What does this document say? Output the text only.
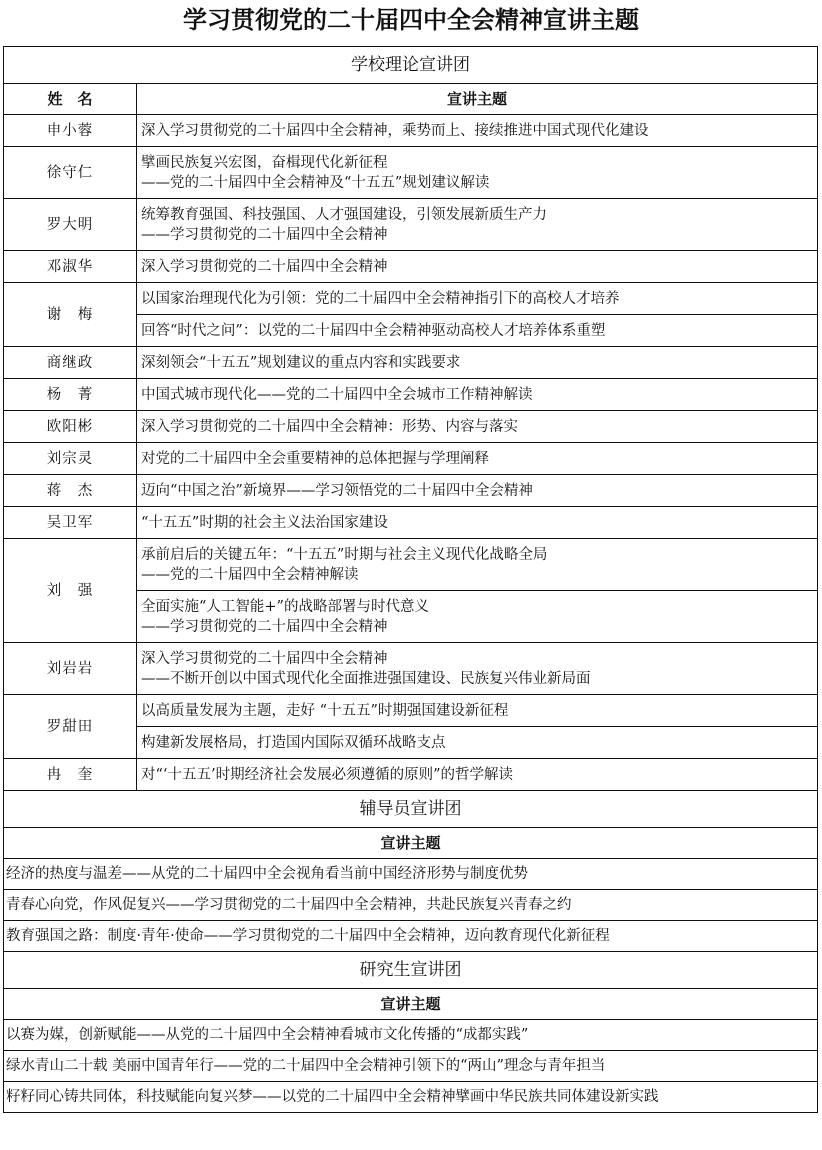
学习贯彻党的二十届四中全会精神宣讲主题
学校理论宣讲团	
姓　名	宣讲主题
申小蓉	深入学习贯彻党的二十届四中全会精神，乘势而上、接续推进中国式现代化建设

徐守仁	擘画民族复兴宏图，奋楫现代化新征程
——党的二十届四中全会精神及“十五五”规划建议解读

罗大明	统筹教育强国、科技强国、人才强国建设，引领发展新质生产力
——学习贯彻党的二十届四中全会精神

邓淑华	深入学习贯彻党的二十届四中全会精神

谢　梅	以国家治理现代化为引领：党的二十届四中全会精神指引下的高校人才培养

	回答“时代之问”：以党的二十届四中全会精神驱动高校人才培养体系重塑

商继政	深刻领会“十五五”规划建议的重点内容和实践要求

杨　菁	中国式城市现代化——党的二十届四中全会城市工作精神解读

欧阳彬	深入学习贯彻党的二十届四中全会精神：形势、内容与落实

刘宗灵	对党的二十届四中全会重要精神的总体把握与学理阐释

蒋　杰	迈向“中国之治”新境界——学习领悟党的二十届四中全会精神

吴卫军	“十五五”时期的社会主义法治国家建设

刘　强	承前启后的关键五年：“十五五”时期与社会主义现代化战略全局
——党的二十届四中全会精神解读

	全面实施“人工智能+”的战略部署与时代意义
——学习贯彻党的二十届四中全会精神

刘岩岩	深入学习贯彻党的二十届四中全会精神
——不断开创以中国式现代化全面推进强国建设、民族复兴伟业新局面

罗甜田	以高质量发展为主题，走好 “十五五”时期强国建设新征程

	构建新发展格局，打造国内国际双循环战略支点

冉　奎	对“‘十五五’时期经济社会发展必须遵循的原则”的哲学解读

辅导员宣讲团	
宣讲主题	
经济的热度与温差——从党的二十届四中全会视角看当前中国经济形势与制度优势	
青春心向党，作风促复兴——学习贯彻党的二十届四中全会精神，共赴民族复兴青春之约	
教育强国之路：制度·青年·使命——学习贯彻党的二十届四中全会精神，迈向教育现代化新征程	
研究生宣讲团	
宣讲主题	
以赛为媒，创新赋能——从党的二十届四中全会精神看城市文化传播的“成都实践”	
绿水青山二十载 美丽中国青年行——党的二十届四中全会精神引领下的“两山”理念与青年担当	
籽籽同心铸共同体，科技赋能向复兴梦——以党的二十届四中全会精神擘画中华民族共同体建设新实践	
